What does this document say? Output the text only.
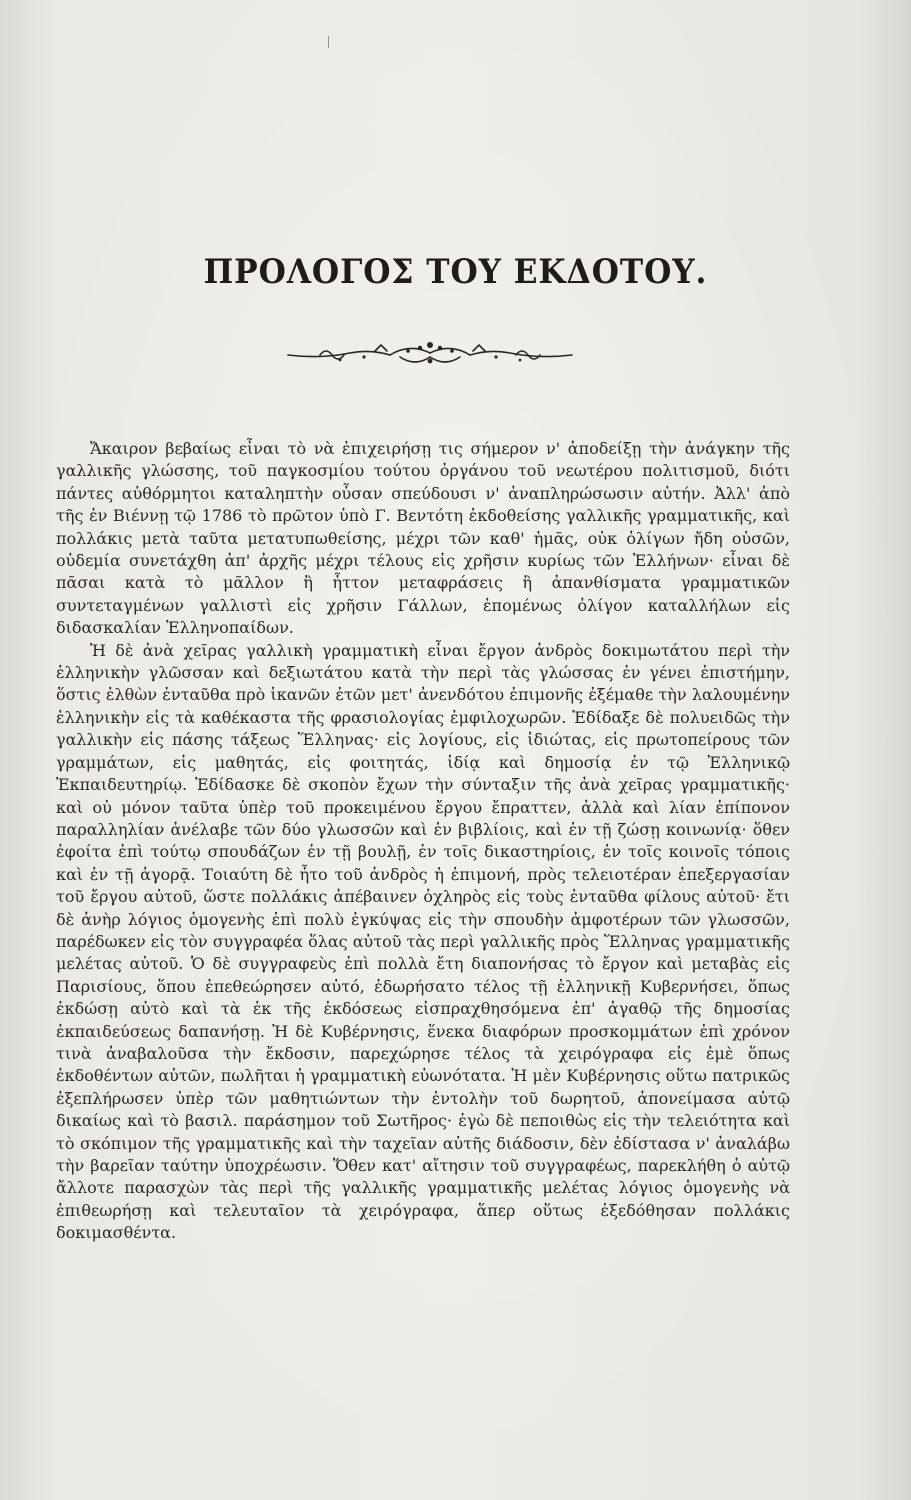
ΠΡΟΛΟΓΟΣ ΤΟΥ ΕΚΔΟΤΟΥ.

Ἄκαιρον βεβαίως εἶναι τὸ νὰ ἐπιχειρήσῃ τις σήμερον ν' ἀποδείξῃ τὴν ἀνάγκην τῆς γαλλικῆς γλώσσης, τοῦ παγκοσμίου τούτου ὀργάνου τοῦ νεωτέρου πολιτισμοῦ, διότι πάντες αὐθόρμητοι καταληπτὴν οὖσαν σπεύδουσι ν' ἀναπληρώσωσιν αὐτήν. Ἀλλ' ἀπὸ τῆς ἐν Βιέννῃ τῷ 1786 τὸ πρῶτον ὑπὸ Γ. Βεντότη ἐκδοθείσης γαλλικῆς γραμματικῆς, καὶ πολλάκις μετὰ ταῦτα μετατυπωθείσης, μέχρι τῶν καθ' ἡμᾶς, οὐκ ὀλίγων ἤδη οὐσῶν, οὐδεμία συνετάχθη ἀπ' ἀρχῆς μέχρι τέλους εἰς χρῆσιν κυρίως τῶν Ἑλλήνων· εἶναι δὲ πᾶσαι κατὰ τὸ μᾶλλον ἢ ἧττον μεταφράσεις ἢ ἀπανθίσματα γραμματικῶν συντεταγμένων γαλλιστὶ εἰς χρῆσιν Γάλλων, ἑπομένως ὀλίγον καταλλήλων εἰς διδασκαλίαν Ἑλληνοπαίδων.

Ἡ δὲ ἀνὰ χεῖρας γαλλικὴ γραμματικὴ εἶναι ἔργον ἀνδρὸς δοκιμωτάτου περὶ τὴν ἑλληνικὴν γλῶσσαν καὶ δεξιωτάτου κατὰ τὴν περὶ τὰς γλώσσας ἐν γένει ἐπιστήμην, ὅστις ἐλθὼν ἐνταῦθα πρὸ ἱκανῶν ἐτῶν μετ' ἀνενδότου ἐπιμονῆς ἐξέμαθε τὴν λαλουμένην ἑλληνικὴν εἰς τὰ καθέκαστα τῆς φρασιολογίας ἐμφιλοχωρῶν. Ἐδίδαξε δὲ πολυειδῶς τὴν γαλλικὴν εἰς πάσης τάξεως Ἕλληνας· εἰς λογίους, εἰς ἰδιώτας, εἰς πρωτοπείρους τῶν γραμμάτων, εἰς μαθητάς, εἰς φοιτητάς, ἰδίᾳ καὶ δημοσίᾳ ἐν τῷ Ἑλληνικῷ Ἐκπαιδευτηρίῳ. Ἐδίδασκε δὲ σκοπὸν ἔχων τὴν σύνταξιν τῆς ἀνὰ χεῖρας γραμματικῆς· καὶ οὐ μόνον ταῦτα ὑπὲρ τοῦ προκειμένου ἔργου ἔπραττεν, ἀλλὰ καὶ λίαν ἐπίπονον παραλληλίαν ἀνέλαβε τῶν δύο γλωσσῶν καὶ ἐν βιβλίοις, καὶ ἐν τῇ ζώσῃ κοινωνίᾳ· ὅθεν ἐφοίτα ἐπὶ τούτῳ σπουδάζων ἐν τῇ βουλῇ, ἐν τοῖς δικαστηρίοις, ἐν τοῖς κοινοῖς τόποις καὶ ἐν τῇ ἀγορᾷ. Τοιαύτη δὲ ἦτο τοῦ ἀνδρὸς ἡ ἐπιμονή, πρὸς τελειοτέραν ἐπεξεργασίαν τοῦ ἔργου αὐτοῦ, ὥστε πολλάκις ἀπέβαινεν ὀχληρὸς εἰς τοὺς ἐνταῦθα φίλους αὐτοῦ· ἔτι δὲ ἀνὴρ λόγιος ὁμογενὴς ἐπὶ πολὺ ἐγκύψας εἰς τὴν σπουδὴν ἀμφοτέρων τῶν γλωσσῶν, παρέδωκεν εἰς τὸν συγγραφέα ὅλας αὐτοῦ τὰς περὶ γαλλικῆς πρὸς Ἕλληνας γραμματικῆς μελέτας αὐτοῦ. Ὁ δὲ συγγραφεὺς ἐπὶ πολλὰ ἔτη διαπονήσας τὸ ἔργον καὶ μεταβὰς εἰς Παρισίους, ὅπου ἐπεθεώρησεν αὐτό, ἐδωρήσατο τέλος τῇ ἑλληνικῇ Κυβερνήσει, ὅπως ἐκδώσῃ αὐτὸ καὶ τὰ ἐκ τῆς ἐκδόσεως εἰσπραχθησόμενα ἐπ' ἀγαθῷ τῆς δημοσίας ἐκπαιδεύσεως δαπανήσῃ. Ἡ δὲ Κυβέρνησις, ἕνεκα διαφόρων προσκομμάτων ἐπὶ χρόνον τινὰ ἀναβαλοῦσα τὴν ἔκδοσιν, παρεχώρησε τέλος τὰ χειρόγραφα εἰς ἐμὲ ὅπως ἐκδοθέντων αὐτῶν, πωλῆται ἡ γραμματικὴ εὐωνότατα. Ἡ μὲν Κυβέρνησις οὕτω πατρικῶς ἐξεπλήρωσεν ὑπὲρ τῶν μαθητιώντων τὴν ἐντολὴν τοῦ δωρητοῦ, ἀπονείμασα αὐτῷ δικαίως καὶ τὸ βασιλ. παράσημον τοῦ Σωτῆρος· ἐγὼ δὲ πεποιθὼς εἰς τὴν τελειότητα καὶ τὸ σκόπιμον τῆς γραμματικῆς καὶ τὴν ταχεῖαν αὐτῆς διάδοσιν, δὲν ἐδίστασα ν' ἀναλάβω τὴν βαρεῖαν ταύτην ὑποχρέωσιν. Ὅθεν κατ' αἴτησιν τοῦ συγγραφέως, παρεκλήθη ὁ αὐτῷ ἄλλοτε παρασχὼν τὰς περὶ τῆς γαλλικῆς γραμματικῆς μελέτας λόγιος ὁμογενὴς νὰ ἐπιθεωρήσῃ καὶ τελευταῖον τὰ χειρόγραφα, ἅπερ οὕτως ἐξεδόθησαν πολλάκις δοκιμασθέντα.
